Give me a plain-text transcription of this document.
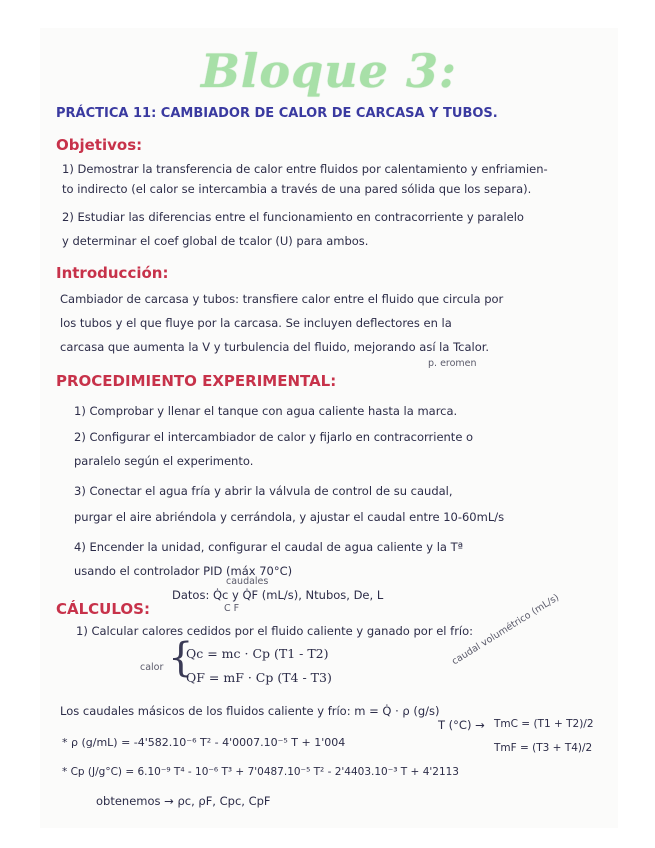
Bloque 3:
PRÁCTICA 11: CAMBIADOR DE CALOR DE CARCASA Y TUBOS.
Objetivos:
1) Demostrar la transferencia de calor entre fluidos por calentamiento y enfriamien-
to indirecto (el calor se intercambia a través de una pared sólida que los separa).
2) Estudiar las diferencias entre el funcionamiento en contracorriente y paralelo
y determinar el coef global de tcalor (U) para ambos.
Introducción:
Cambiador de carcasa y tubos: transfiere calor entre el fluido que circula por
los tubos y el que fluye por la carcasa. Se incluyen deflectores en la
carcasa que aumenta la V y turbulencia del fluido, mejorando así la Tcalor.
p. eromen
PROCEDIMIENTO EXPERIMENTAL:
1) Comprobar y llenar el tanque con agua caliente hasta la marca.
2) Configurar el intercambiador de calor y fijarlo en contracorriente o
paralelo según el experimento.
3) Conectar el agua fría y abrir la válvula de control de su caudal,
purgar el aire abriéndola y cerrándola, y ajustar el caudal entre 10-60mL/s
4) Encender la unidad, configurar el caudal de agua caliente y la Tª
usando el controlador PID (máx 70°C)
caudales
CÁLCULOS:
Datos: Q̇c y Q̇F (mL/s), Ntubos, De, L
C F
1) Calcular calores cedidos por el fluido caliente y ganado por el frío:
calor {
Qc = mc · Cp (T1 - T2)
QF = mF · Cp (T4 - T3)
caudal volumétrico (mL/s)
Los caudales másicos de los fluidos caliente y frío: m = Q̇ · ρ (g/s)
* ρ (g/mL) = -4'582.10⁻⁶ T² - 4'0007.10⁻⁵ T + 1'004
T (°C) → TmC = (T1 + T2)/2
TmF = (T3 + T4)/2
* Cp (J/g°C) = 6.10⁻⁹ T⁴ - 10⁻⁶ T³ + 7'0487.10⁻⁵ T² - 2'4403.10⁻³ T + 4'2113
obtenemos → ρc, ρF, Cpc, CpF
